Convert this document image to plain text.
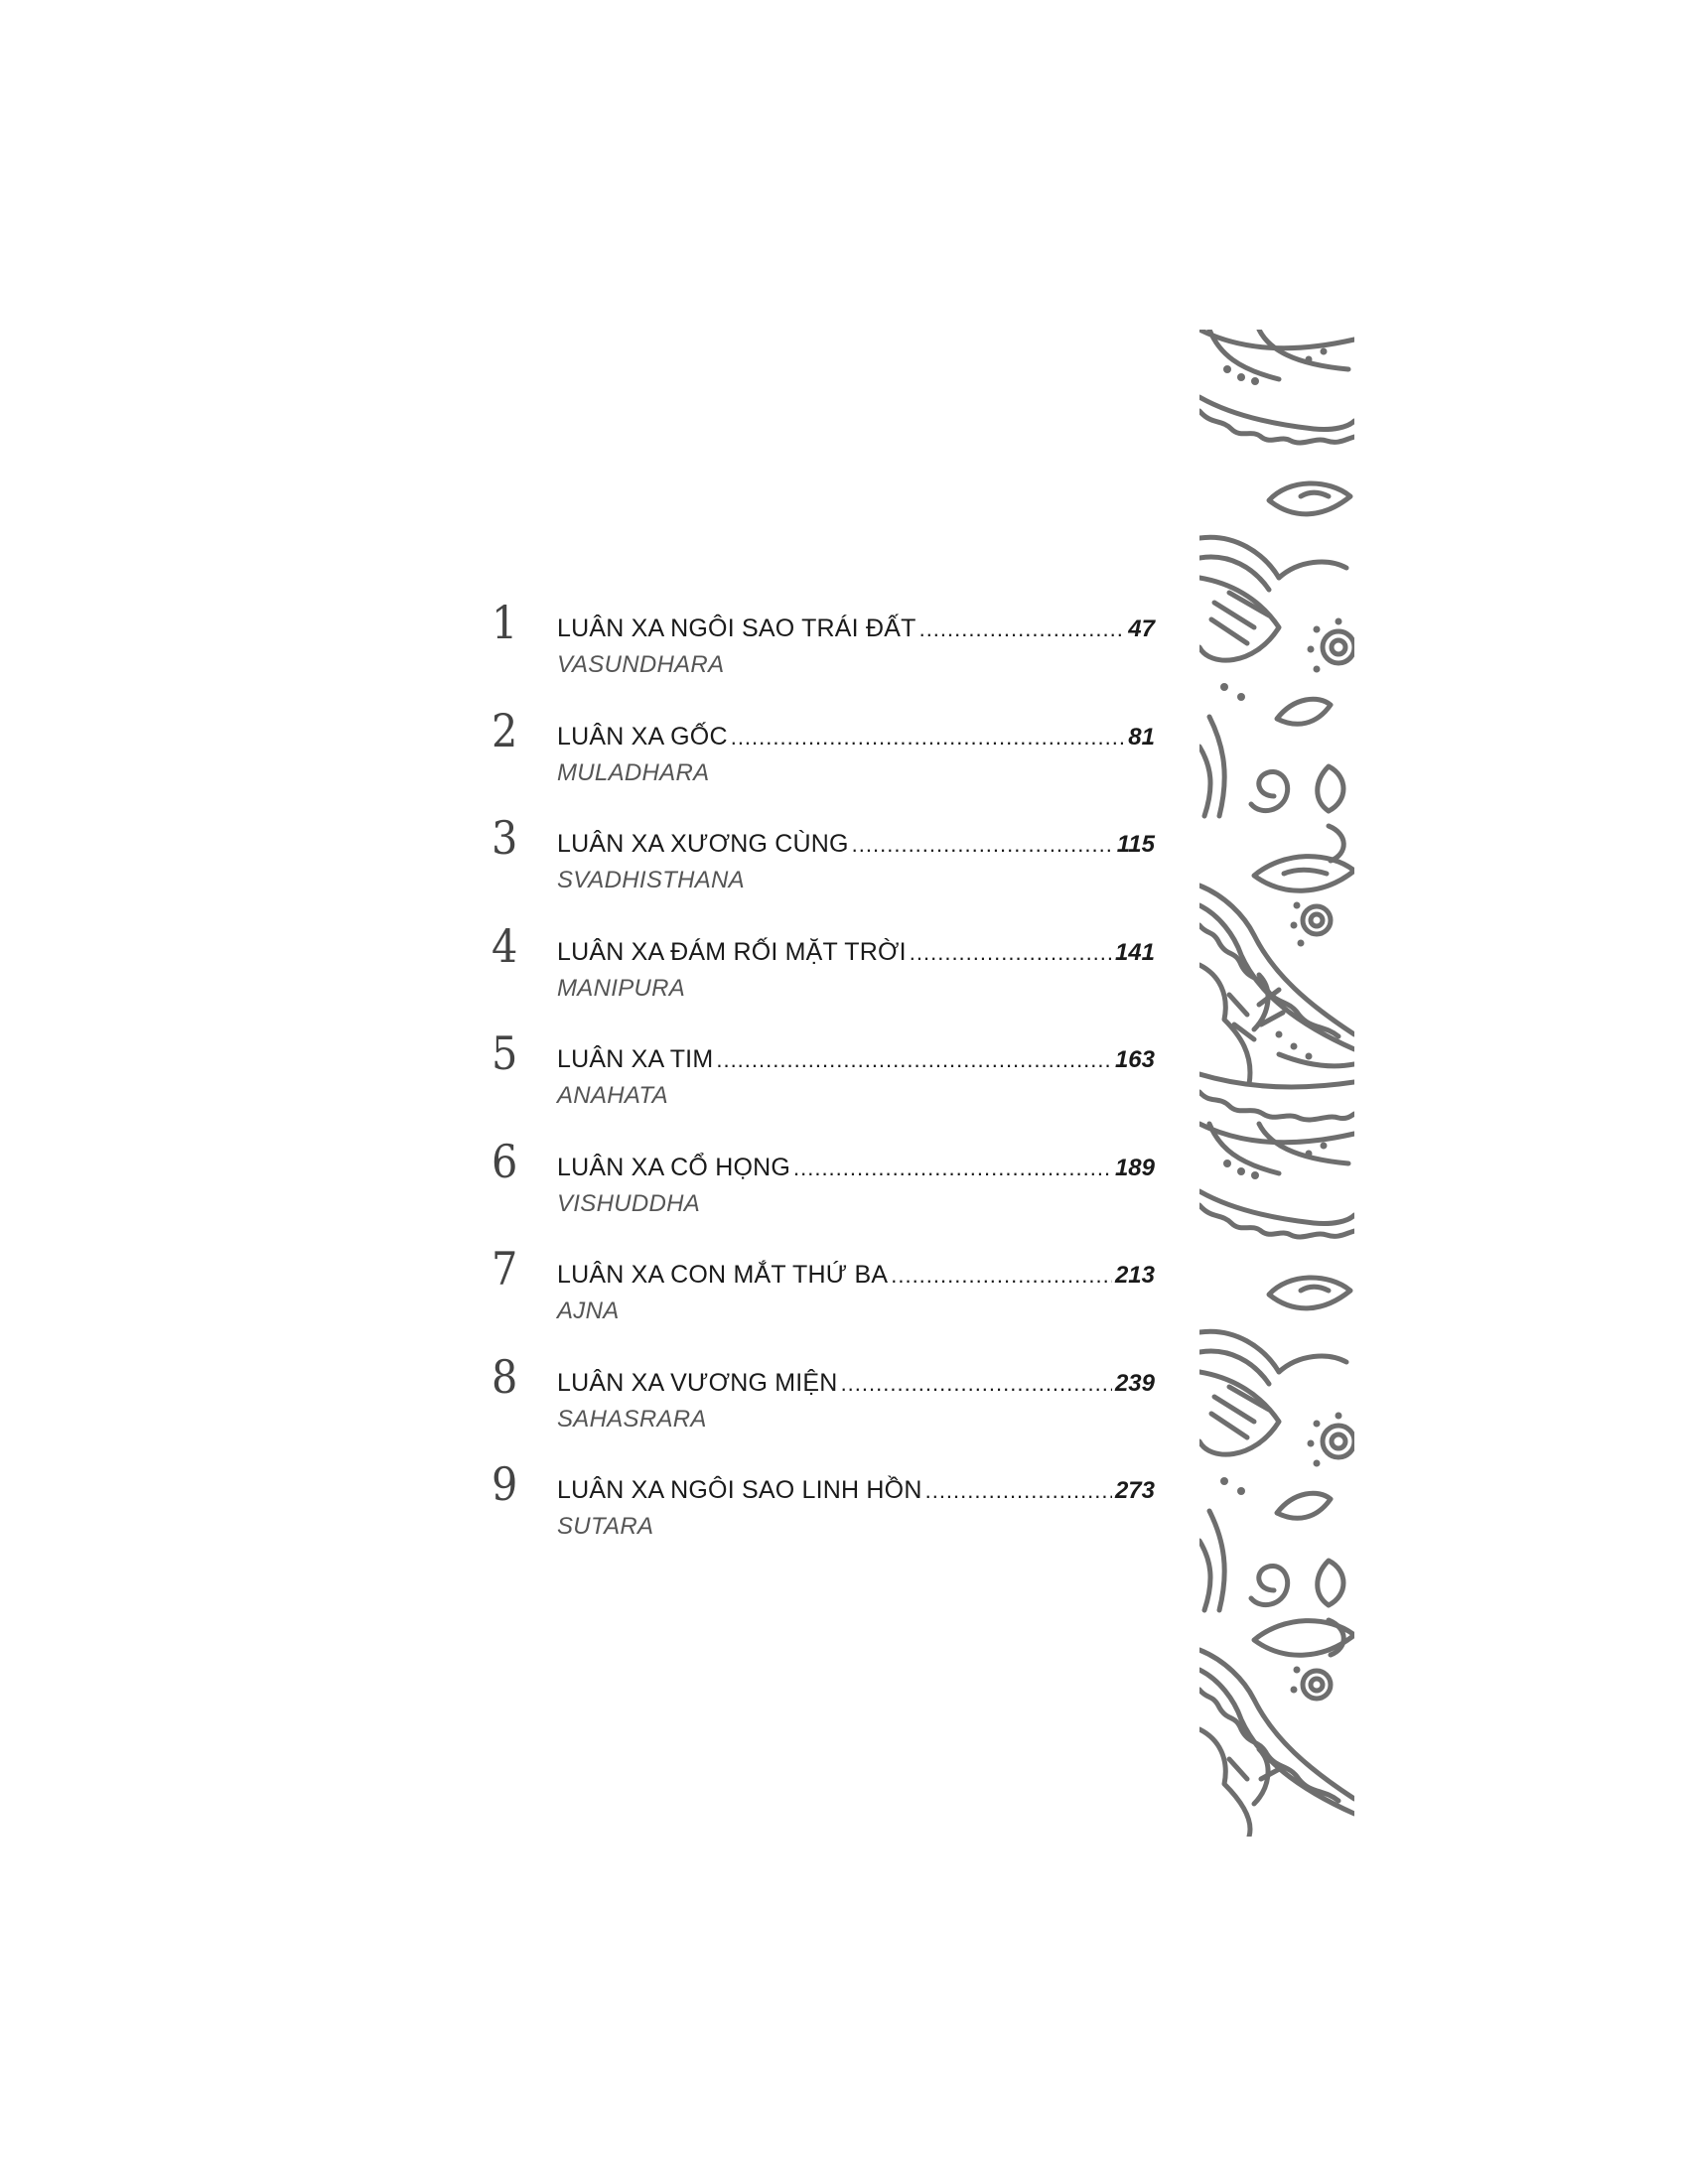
1	LUÂN XA NGÔI SAO TRÁI ĐẤT .....	47
VASUNDHARA
2	LUÂN XA GỐC .....	81
MULADHARA
3	LUÂN XA XƯƠNG CÙNG .....	115
SVADHISTHANA
4	LUÂN XA ĐÁM RỐI MẶT TRỜI .....	141
MANIPURA
5	LUÂN XA TIM .....	163
ANAHATA
6	LUÂN XA CỔ HỌNG .....	189
VISHUDDHA
7	LUÂN XA CON MẮT THỨ BA .....	213
AJNA
8	LUÂN XA VƯƠNG MIỆN .....	239
SAHASRARA
9	LUÂN XA NGÔI SAO LINH HỒN .....	273
SUTARA
